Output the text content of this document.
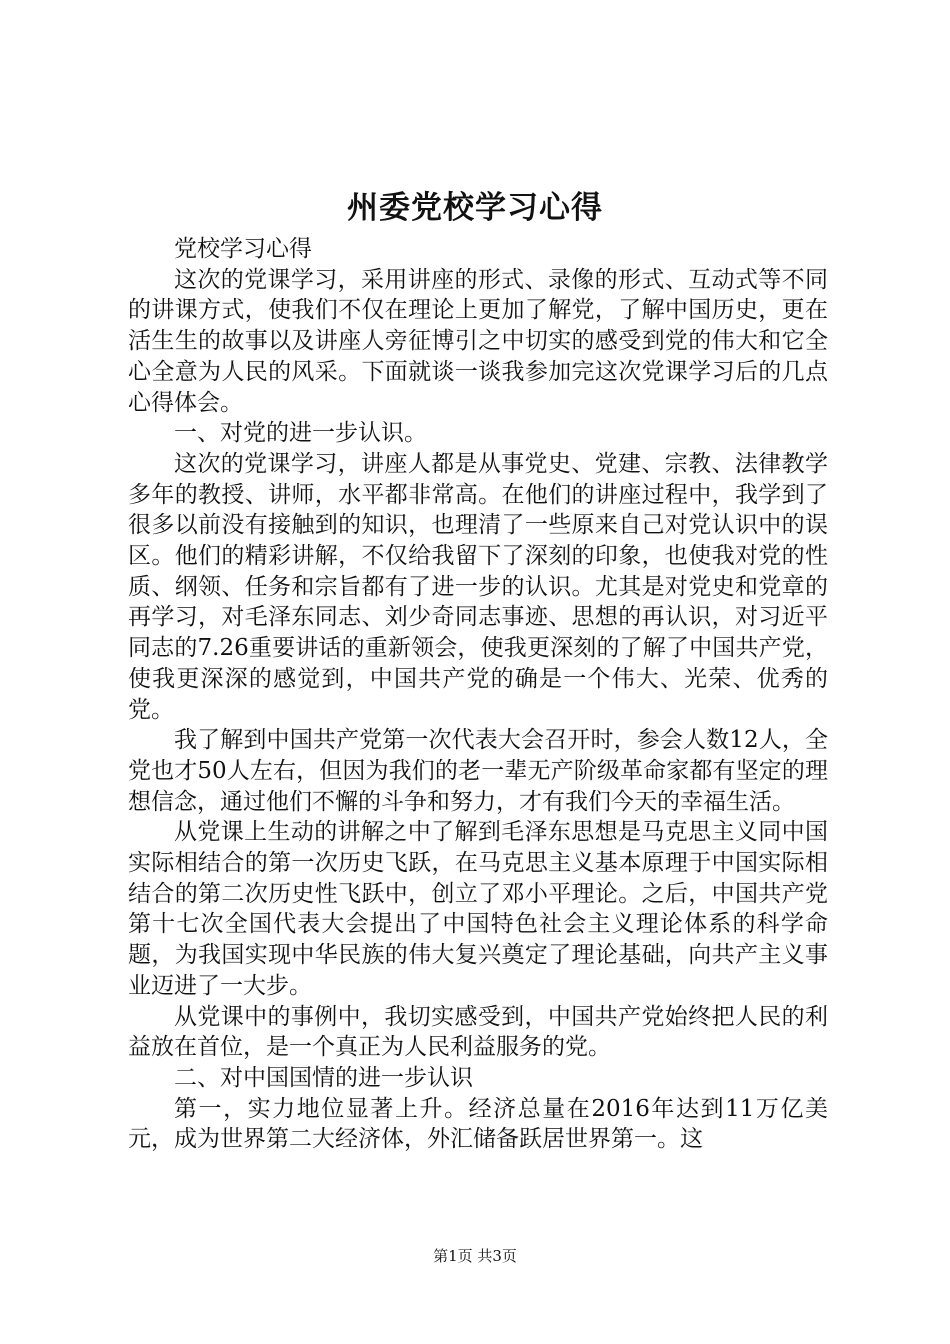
州委党校学习心得

党校学习心得

这次的党课学习，采用讲座的形式、录像的形式、互动式等不同的讲课方式，使我们不仅在理论上更加了解党，了解中国历史，更在活生生的故事以及讲座人旁征博引之中切实的感受到党的伟大和它全心全意为人民的风采。下面就谈一谈我参加完这次党课学习后的几点心得体会。

一、对党的进一步认识。

这次的党课学习，讲座人都是从事党史、党建、宗教、法律教学多年的教授、讲师，水平都非常高。在他们的讲座过程中，我学到了很多以前没有接触到的知识，也理清了一些原来自己对党认识中的误区。他们的精彩讲解，不仅给我留下了深刻的印象，也使我对党的性质、纲领、任务和宗旨都有了进一步的认识。尤其是对党史和党章的再学习，对毛泽东同志、刘少奇同志事迹、思想的再认识，对习近平同志的7.26重要讲话的重新领会，使我更深刻的了解了中国共产党，使我更深深的感觉到，中国共产党的确是一个伟大、光荣、优秀的党。

我了解到中国共产党第一次代表大会召开时，参会人数12人，全党也才50人左右，但因为我们的老一辈无产阶级革命家都有坚定的理想信念，通过他们不懈的斗争和努力，才有我们今天的幸福生活。

从党课上生动的讲解之中了解到毛泽东思想是马克思主义同中国实际相结合的第一次历史飞跃，在马克思主义基本原理于中国实际相结合的第二次历史性飞跃中，创立了邓小平理论。之后，中国共产党第十七次全国代表大会提出了中国特色社会主义理论体系的科学命题，为我国实现中华民族的伟大复兴奠定了理论基础，向共产主义事业迈进了一大步。

从党课中的事例中，我切实感受到，中国共产党始终把人民的利益放在首位，是一个真正为人民利益服务的党。

二、对中国国情的进一步认识

第一，实力地位显著上升。经济总量在2016年达到11万亿美元，成为世界第二大经济体，外汇储备跃居世界第一。这

第1页 共3页
